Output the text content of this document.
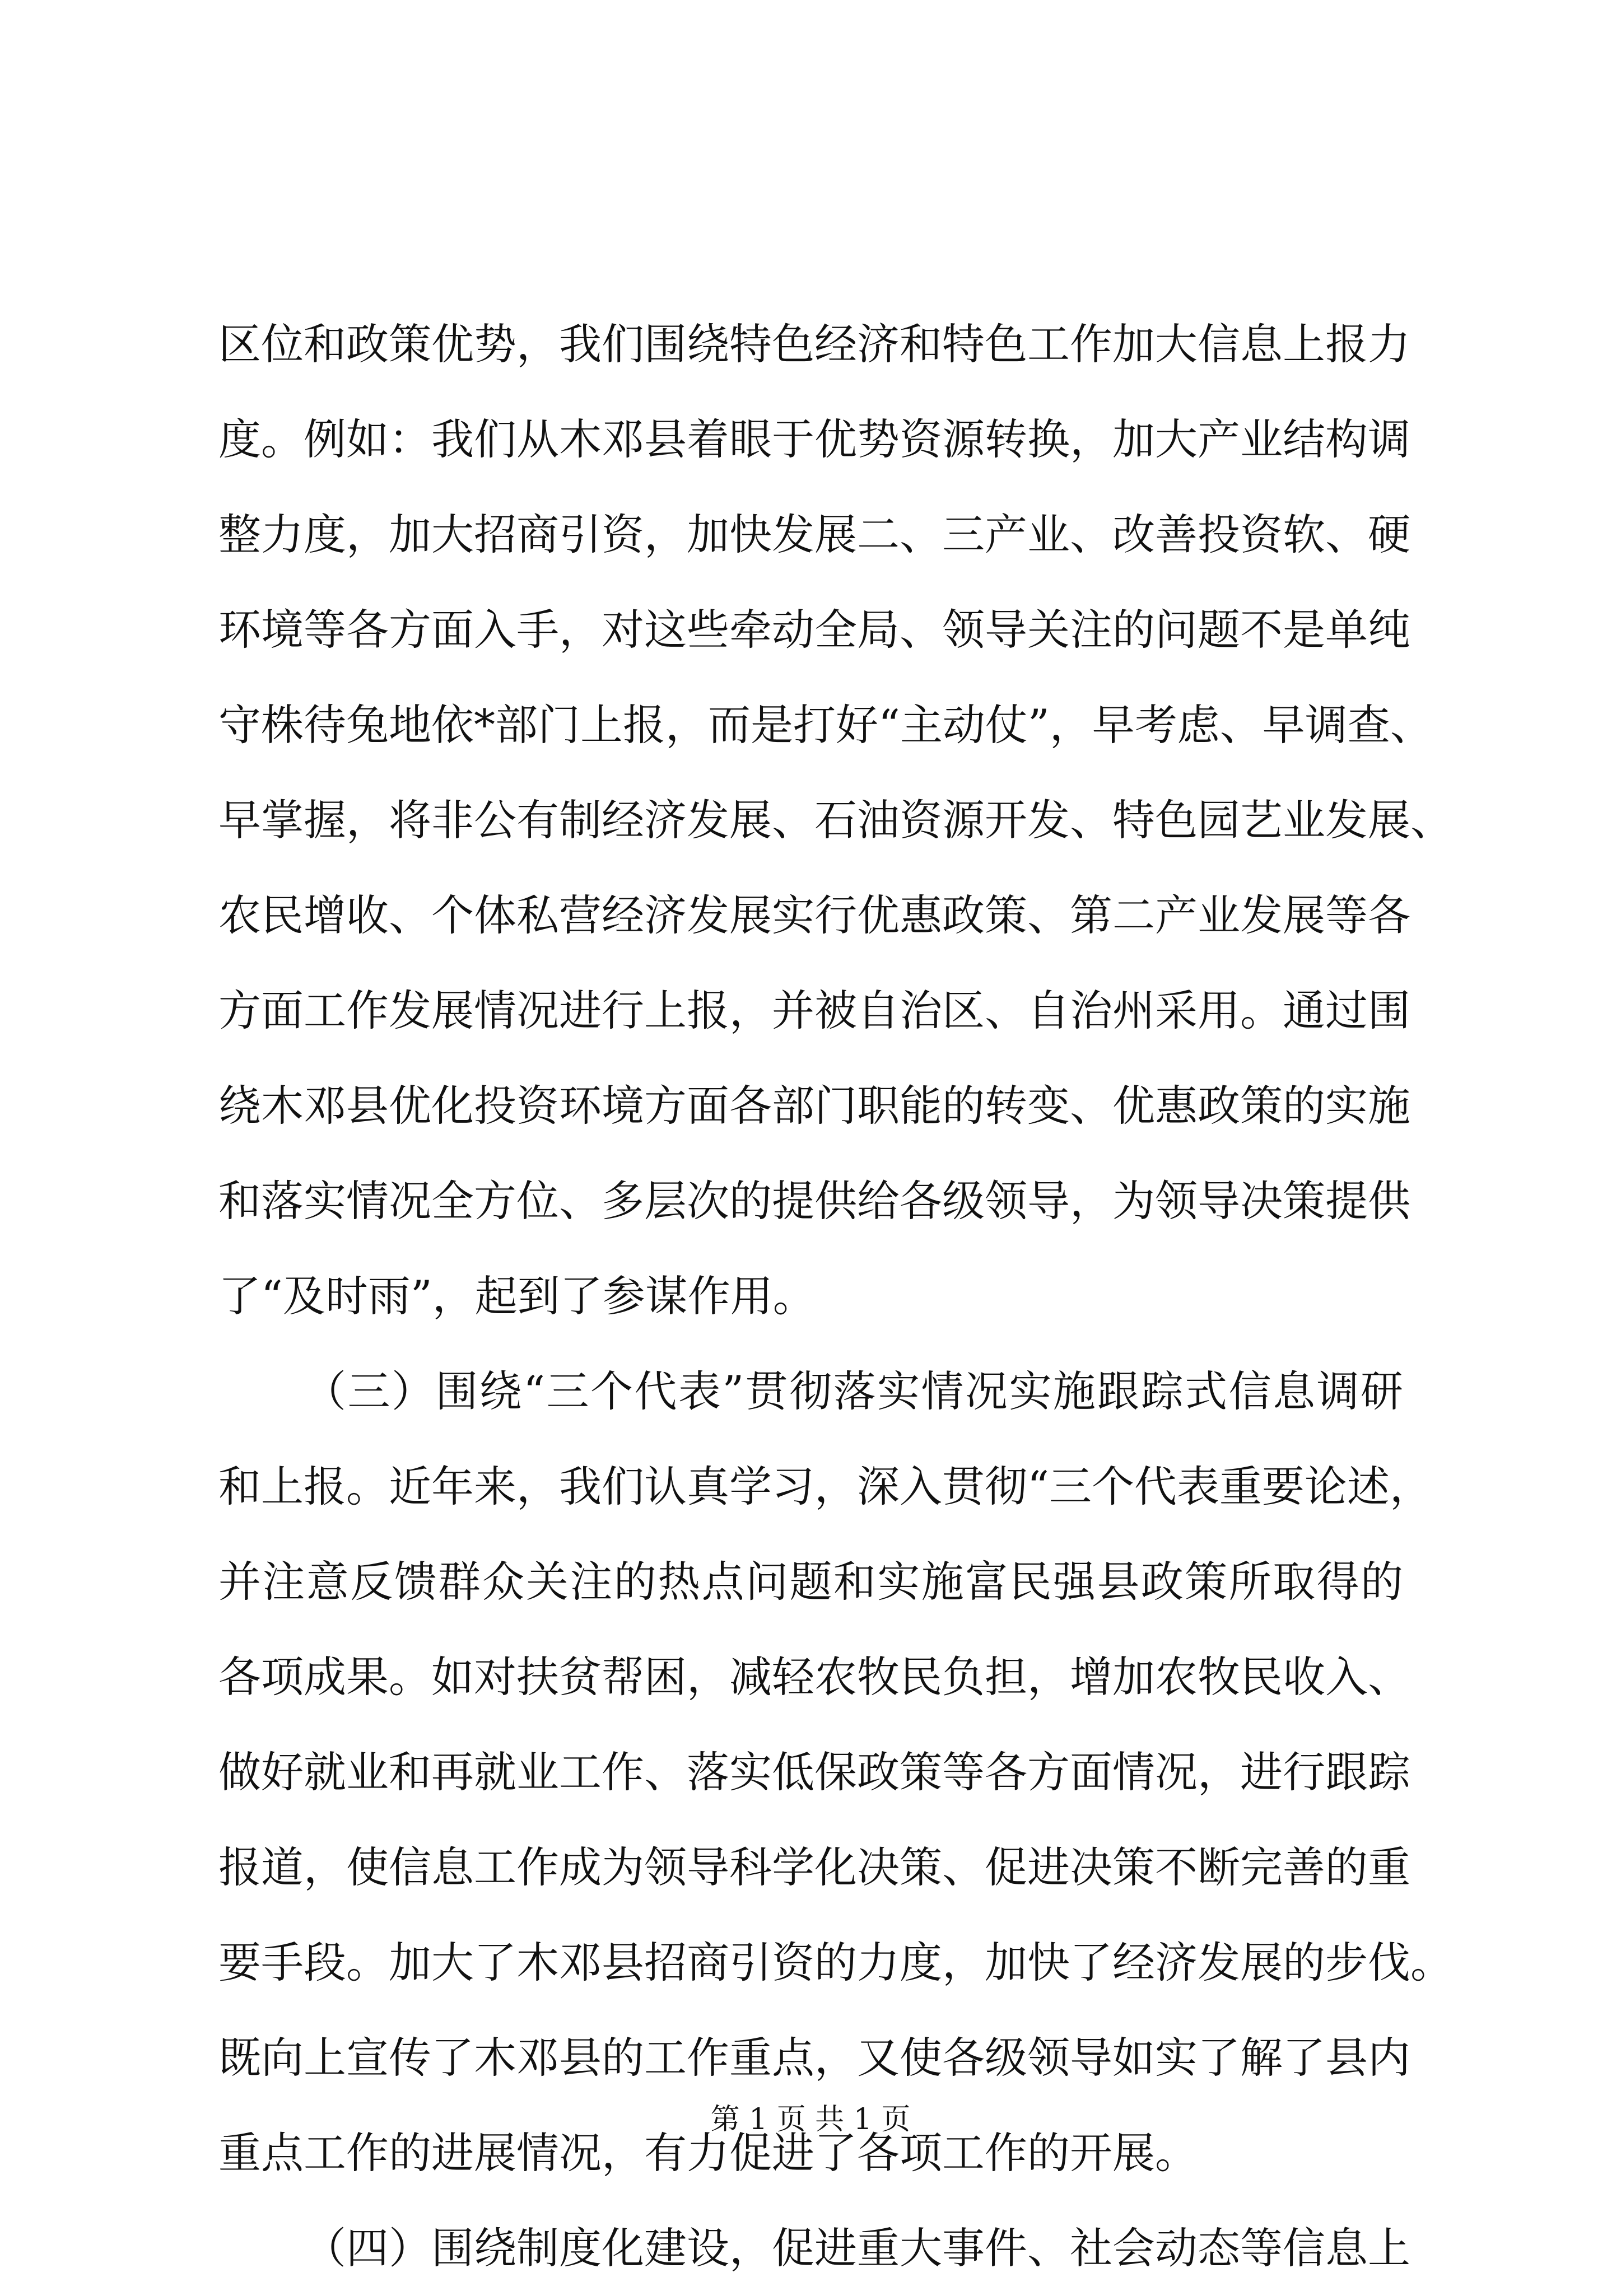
区位和政策优势，我们围绕特色经济和特色工作加大信息上报力
度。例如：我们从木邓县着眼于优势资源转换，加大产业结构调
整力度，加大招商引资，加快发展二、三产业、改善投资软、硬
环境等各方面入手，对这些牵动全局、领导关注的问题不是单纯
守株待兔地依*部门上报，而是打好“主动仗”，早考虑、早调查、
早掌握，将非公有制经济发展、石油资源开发、特色园艺业发展、
农民增收、个体私营经济发展实行优惠政策、第二产业发展等各
方面工作发展情况进行上报，并被自治区、自治州采用。通过围
绕木邓县优化投资环境方面各部门职能的转变、优惠政策的实施
和落实情况全方位、多层次的提供给各级领导，为领导决策提供
了“及时雨”，起到了参谋作用。
（三）围绕“三个代表”贯彻落实情况实施跟踪式信息调研
和上报。近年来，我们认真学习，深入贯彻“三个代表重要论述，
并注意反馈群众关注的热点问题和实施富民强县政策所取得的
各项成果。如对扶贫帮困，减轻农牧民负担，增加农牧民收入、
做好就业和再就业工作、落实低保政策等各方面情况，进行跟踪
报道，使信息工作成为领导科学化决策、促进决策不断完善的重
要手段。加大了木邓县招商引资的力度，加快了经济发展的步伐。
既向上宣传了木邓县的工作重点，又使各级领导如实了解了县内
重点工作的进展情况，有力促进了各项工作的开展。
（四）围绕制度化建设，促进重大事件、社会动态等信息上
第 1 页 共 1 页
